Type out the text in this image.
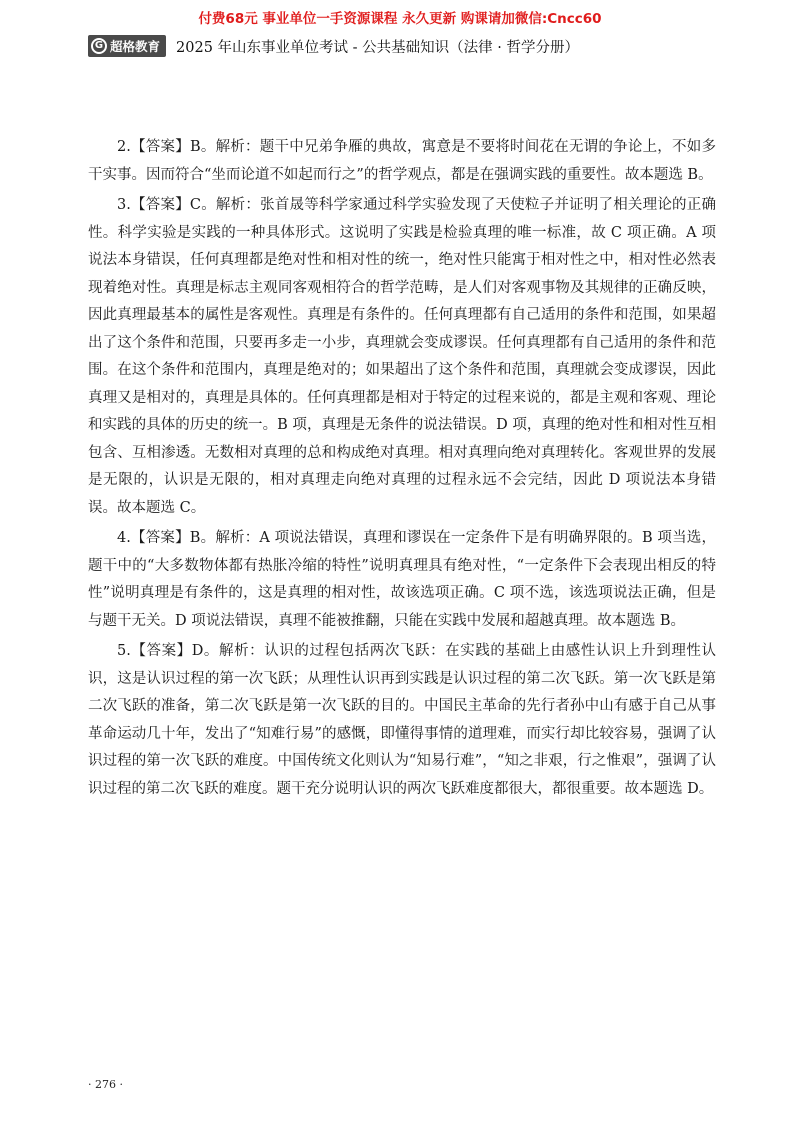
付费68元 事业单位一手资源课程 永久更新 购课请加微信:Cncc60
G 超格教育 2025 年山东事业单位考试 - 公共基础知识（法律 · 哲学分册）

2.【答案】B。解析：题干中兄弟争雁的典故，寓意是不要将时间花在无谓的争论上，不如多干实事。因而符合“坐而论道不如起而行之”的哲学观点，都是在强调实践的重要性。故本题选 B。

3.【答案】C。解析：张首晟等科学家通过科学实验发现了天使粒子并证明了相关理论的正确性。科学实验是实践的一种具体形式。这说明了实践是检验真理的唯一标准，故 C 项正确。A 项说法本身错误，任何真理都是绝对性和相对性的统一，绝对性只能寓于相对性之中，相对性必然表现着绝对性。真理是标志主观同客观相符合的哲学范畴，是人们对客观事物及其规律的正确反映，因此真理最基本的属性是客观性。真理是有条件的。任何真理都有自己适用的条件和范围，如果超出了这个条件和范围，只要再多走一小步，真理就会变成谬误。任何真理都有自己适用的条件和范围。在这个条件和范围内，真理是绝对的；如果超出了这个条件和范围，真理就会变成谬误，因此真理又是相对的，真理是具体的。任何真理都是相对于特定的过程来说的，都是主观和客观、理论和实践的具体的历史的统一。B 项，真理是无条件的说法错误。D 项，真理的绝对性和相对性互相包含、互相渗透。无数相对真理的总和构成绝对真理。相对真理向绝对真理转化。客观世界的发展是无限的，认识是无限的，相对真理走向绝对真理的过程永远不会完结，因此 D 项说法本身错误。故本题选 C。

4.【答案】B。解析：A 项说法错误，真理和谬误在一定条件下是有明确界限的。B 项当选，题干中的“大多数物体都有热胀冷缩的特性”说明真理具有绝对性，“一定条件下会表现出相反的特性”说明真理是有条件的，这是真理的相对性，故该选项正确。C 项不选，该选项说法正确，但是与题干无关。D 项说法错误，真理不能被推翻，只能在实践中发展和超越真理。故本题选 B。

5.【答案】D。解析：认识的过程包括两次飞跃：在实践的基础上由感性认识上升到理性认识，这是认识过程的第一次飞跃；从理性认识再到实践是认识过程的第二次飞跃。第一次飞跃是第二次飞跃的准备，第二次飞跃是第一次飞跃的目的。中国民主革命的先行者孙中山有感于自己从事革命运动几十年，发出了“知难行易”的感慨，即懂得事情的道理难，而实行却比较容易，强调了认识过程的第一次飞跃的难度。中国传统文化则认为“知易行难”，“知之非艰，行之惟艰”，强调了认识过程的第二次飞跃的难度。题干充分说明认识的两次飞跃难度都很大，都很重要。故本题选 D。

· 276 ·
